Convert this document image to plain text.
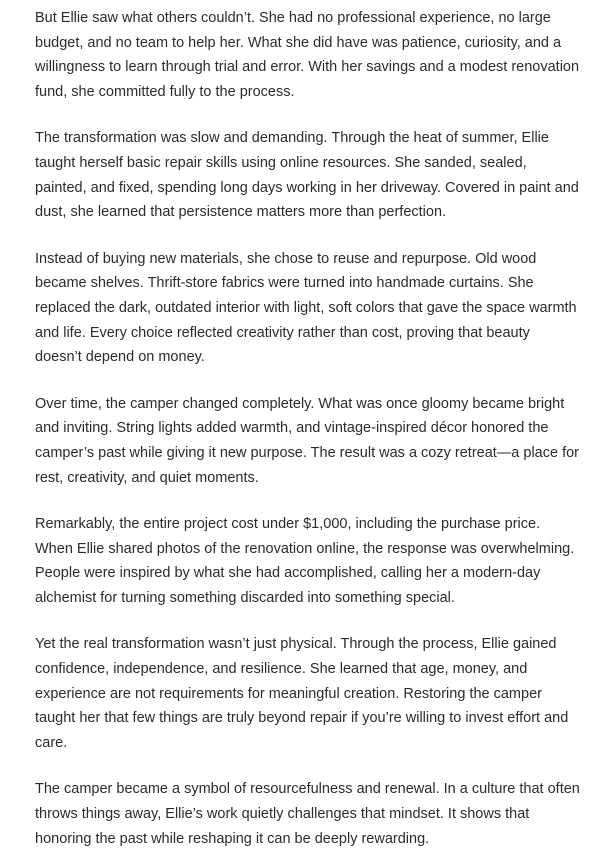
But Ellie saw what others couldn’t. She had no professional experience, no large budget, and no team to help her. What she did have was patience, curiosity, and a willingness to learn through trial and error. With her savings and a modest renovation fund, she committed fully to the process.

The transformation was slow and demanding. Through the heat of summer, Ellie taught herself basic repair skills using online resources. She sanded, sealed, painted, and fixed, spending long days working in her driveway. Covered in paint and dust, she learned that persistence matters more than perfection.

Instead of buying new materials, she chose to reuse and repurpose. Old wood became shelves. Thrift-store fabrics were turned into handmade curtains. She replaced the dark, outdated interior with light, soft colors that gave the space warmth and life. Every choice reflected creativity rather than cost, proving that beauty doesn’t depend on money.

Over time, the camper changed completely. What was once gloomy became bright and inviting. String lights added warmth, and vintage-inspired décor honored the camper’s past while giving it new purpose. The result was a cozy retreat—a place for rest, creativity, and quiet moments.

Remarkably, the entire project cost under $1,000, including the purchase price. When Ellie shared photos of the renovation online, the response was overwhelming. People were inspired by what she had accomplished, calling her a modern-day alchemist for turning something discarded into something special.

Yet the real transformation wasn’t just physical. Through the process, Ellie gained confidence, independence, and resilience. She learned that age, money, and experience are not requirements for meaningful creation. Restoring the camper taught her that few things are truly beyond repair if you’re willing to invest effort and care.

The camper became a symbol of resourcefulness and renewal. In a culture that often throws things away, Ellie’s work quietly challenges that mindset. It shows that honoring the past while reshaping it can be deeply rewarding.
